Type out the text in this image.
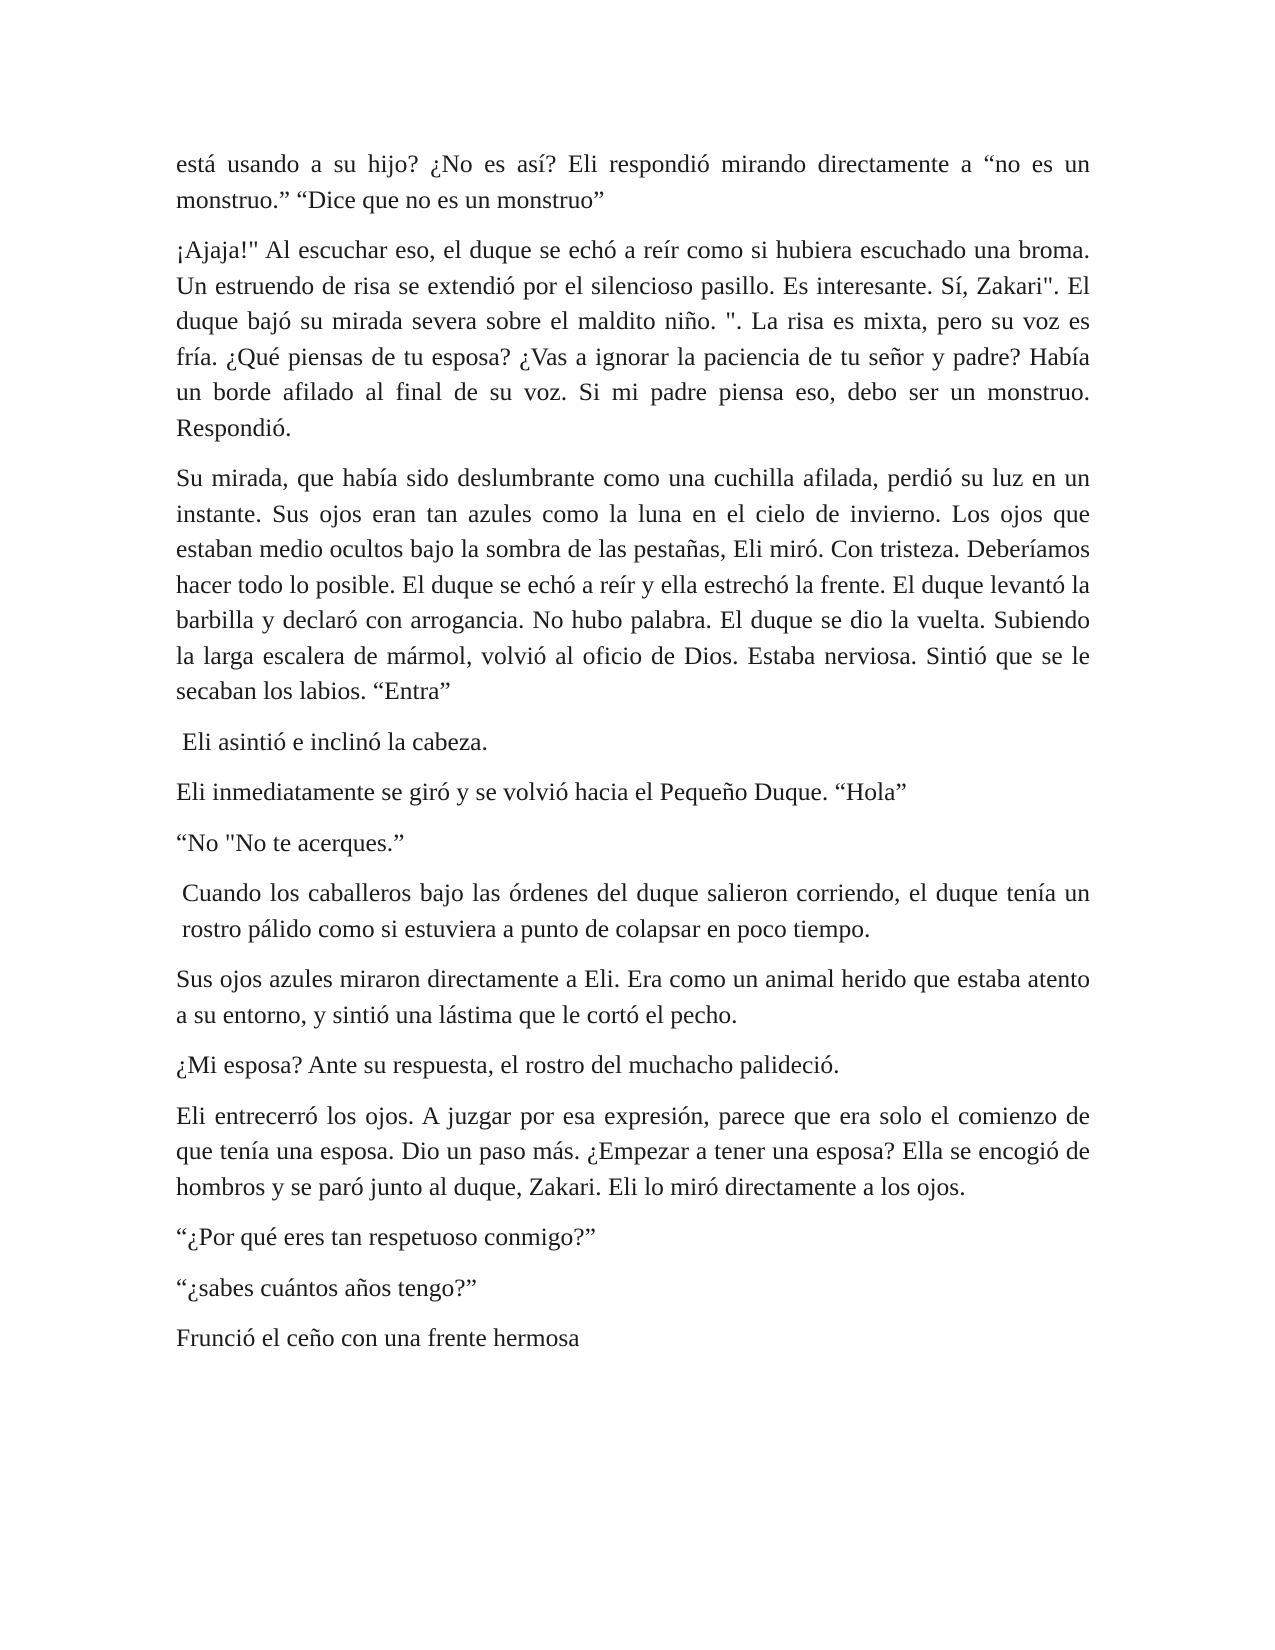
está usando a su hijo? ¿No es así? Eli respondió mirando directamente a “no es un monstruo.” “Dice que no es un monstruo”

¡Ajaja!" Al escuchar eso, el duque se echó a reír como si hubiera escuchado una broma. Un estruendo de risa se extendió por el silencioso pasillo. Es interesante. Sí, Zakari". El duque bajó su mirada severa sobre el maldito niño. ". La risa es mixta, pero su voz es fría. ¿Qué piensas de tu esposa? ¿Vas a ignorar la paciencia de tu señor y padre? Había un borde afilado al final de su voz. Si mi padre piensa eso, debo ser un monstruo. Respondió.

Su mirada, que había sido deslumbrante como una cuchilla afilada, perdió su luz en un instante. Sus ojos eran tan azules como la luna en el cielo de invierno. Los ojos que estaban medio ocultos bajo la sombra de las pestañas, Eli miró. Con tristeza. Deberíamos hacer todo lo posible. El duque se echó a reír y ella estrechó la frente. El duque levantó la barbilla y declaró con arrogancia. No hubo palabra. El duque se dio la vuelta. Subiendo la larga escalera de mármol, volvió al oficio de Dios. Estaba nerviosa. Sintió que se le secaban los labios. “Entra”

Eli asintió e inclinó la cabeza.

Eli inmediatamente se giró y se volvió hacia el Pequeño Duque. “Hola”

“No "No te acerques.”

Cuando los caballeros bajo las órdenes del duque salieron corriendo, el duque tenía un rostro pálido como si estuviera a punto de colapsar en poco tiempo.

Sus ojos azules miraron directamente a Eli. Era como un animal herido que estaba atento a su entorno, y sintió una lástima que le cortó el pecho.

¿Mi esposa? Ante su respuesta, el rostro del muchacho palideció.

Eli entrecerró los ojos. A juzgar por esa expresión, parece que era solo el comienzo de que tenía una esposa. Dio un paso más. ¿Empezar a tener una esposa? Ella se encogió de hombros y se paró junto al duque, Zakari. Eli lo miró directamente a los ojos.

“¿Por qué eres tan respetuoso conmigo?”

“¿sabes cuántos años tengo?”

Frunció el ceño con una frente hermosa
